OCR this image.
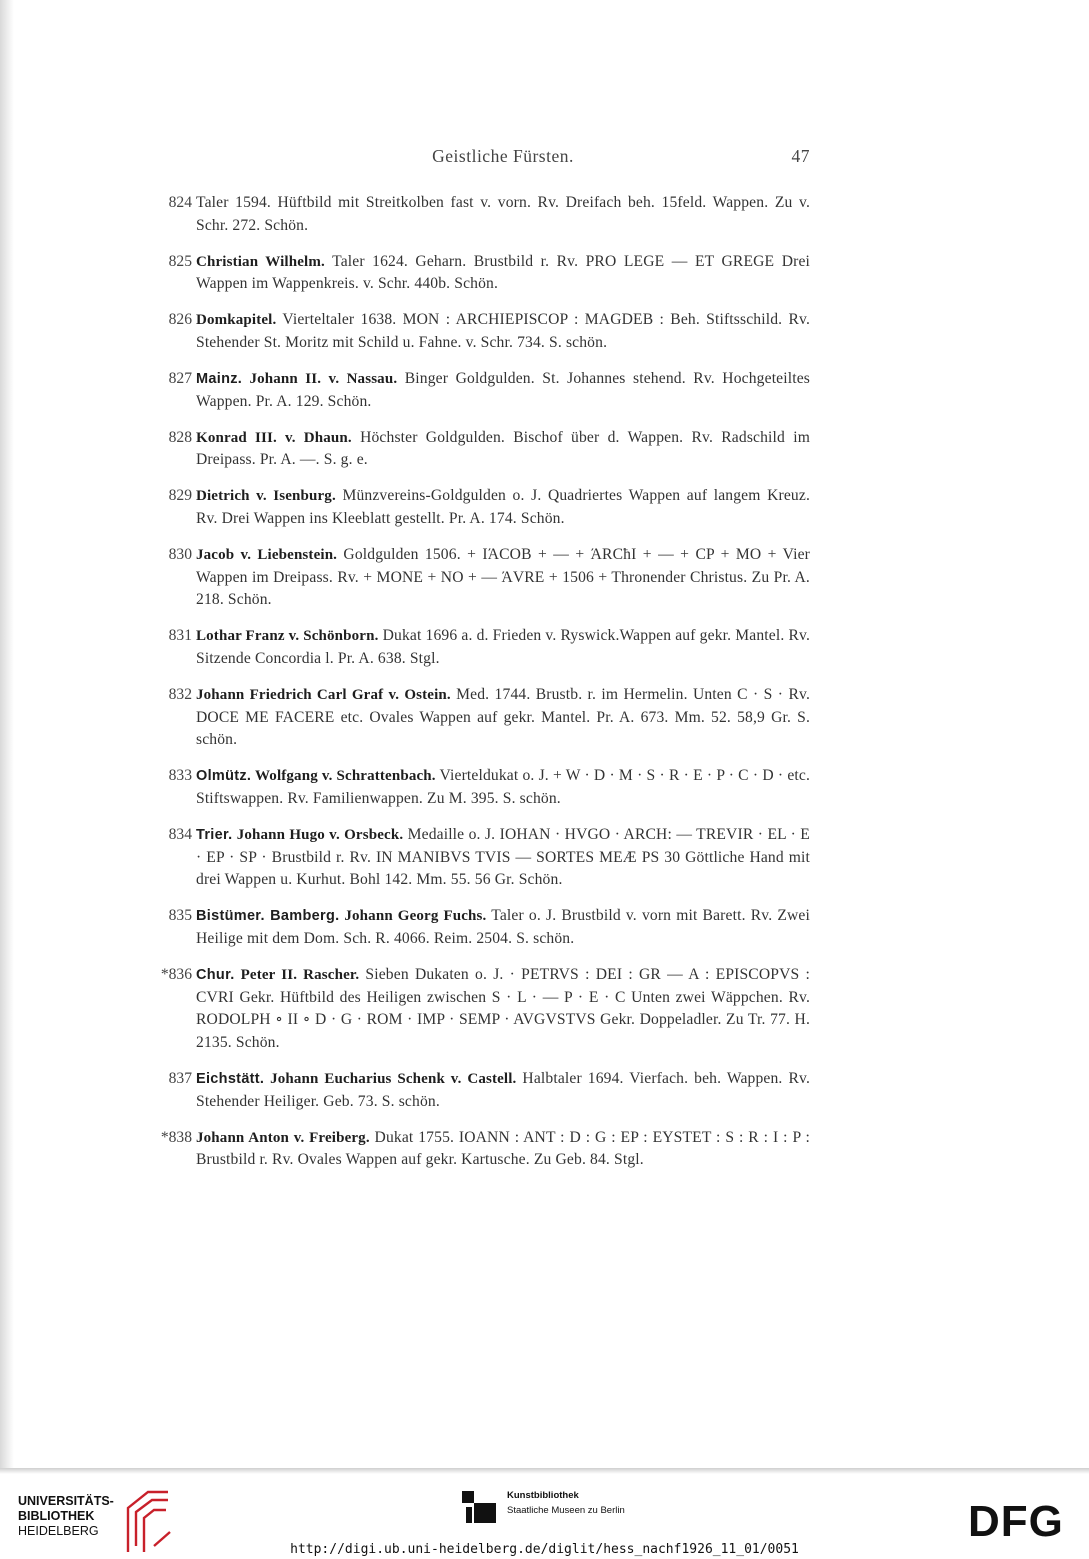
Geistliche Fürsten.	47
824 Taler 1594. Hüftbild mit Streitkolben fast v. vorn. Rv. Dreifach beh. 15feld. Wappen. Zu v. Schr. 272. Schön.
825 Christian Wilhelm. Taler 1624. Geharn. Brustbild r. Rv. PRO LEGE — ET GREGE Drei Wappen im Wappenkreis. v. Schr. 440b. Schön.
826 Domkapitel. Vierteltaler 1638. MON : ARCHIEPISCOP : MAGDEB : Beh. Stiftsschild. Rv. Stehender St. Moritz mit Schild u. Fahne. v. Schr. 734. S. schön.
827 Mainz. Johann II. v. Nassau. Binger Goldgulden. St. Johannes stehend. Rv. Hochgeteiltes Wappen. Pr. A. 129. Schön.
828 Konrad III. v. Dhaun. Höchster Goldgulden. Bischof über d. Wappen. Rv. Radschild im Dreipass. Pr. A. —. S. g. e.
829 Dietrich v. Isenburg. Münzvereins-Goldgulden o. J. Quadriertes Wappen auf langem Kreuz. Rv. Drei Wappen ins Kleeblatt gestellt. Pr. A. 174. Schön.
830 Jacob v. Liebenstein. Goldgulden 1506. + IΆCOB + — + ΆRCħI + — + CP + MO + Vier Wappen im Dreipass. Rv. + MONE + NO + — ΆVRE + 1506 + Thronender Christus. Zu Pr. A. 218. Schön.
831 Lothar Franz v. Schönborn. Dukat 1696 a. d. Frieden v. Ryswick.Wappen auf gekr. Mantel. Rv. Sitzende Concordia l. Pr. A. 638. Stgl.
832 Johann Friedrich Carl Graf v. Ostein. Med. 1744. Brustb. r. im Hermelin. Unten C · S · Rv. DOCE ME FACERE etc. Ovales Wappen auf gekr. Mantel. Pr. A. 673. Mm. 52. 58,9 Gr. S. schön.
833 Olmütz. Wolfgang v. Schrattenbach. Vierteldukat o. J. + W · D · M · S · R · E · P · C · D · etc. Stiftswappen. Rv. Familienwappen. Zu M. 395. S. schön.
834 Trier. Johann Hugo v. Orsbeck. Medaille o. J. IOHAN · HVGO · ARCH: — TREVIR · EL · E · EP · SP · Brustbild r. Rv. IN MANIBVS TVIS — SORTES MEÆ PS 30 Göttliche Hand mit drei Wappen u. Kurhut. Bohl 142. Mm. 55. 56 Gr. Schön.
835 Bistümer. Bamberg. Johann Georg Fuchs. Taler o. J. Brustbild v. vorn mit Barett. Rv. Zwei Heilige mit dem Dom. Sch. R. 4066. Reim. 2504. S. schön.
*836 Chur. Peter II. Rascher. Sieben Dukaten o. J. · PETRVS : DEI : GR — A : EPISCOPVS : CVRI Gekr. Hüftbild des Heiligen zwischen S · L · — P · E · C Unten zwei Wäppchen. Rv. RODOLPH ∘ II ∘ D · G · ROM · IMP · SEMP · AVGVSTVS Gekr. Doppeladler. Zu Tr. 77. H. 2135. Schön.
837 Eichstätt. Johann Eucharius Schenk v. Castell. Halbtaler 1694. Vierfach. beh. Wappen. Rv. Stehender Heiliger. Geb. 73. S. schön.
*838 Johann Anton v. Freiberg. Dukat 1755. IOANN : ANT : D : G : EP : EYSTET : S : R : I : P : Brustbild r. Rv. Ovales Wappen auf gekr. Kartusche. Zu Geb. 84. Stgl.
UNIVERSITÄTS-
BIBLIOTHEK
HEIDELBERG
Kunstbibliothek
Staatliche Museen zu Berlin	DFG
http://digi.ub.uni-heidelberg.de/diglit/hess_nachf1926_11_01/0051
